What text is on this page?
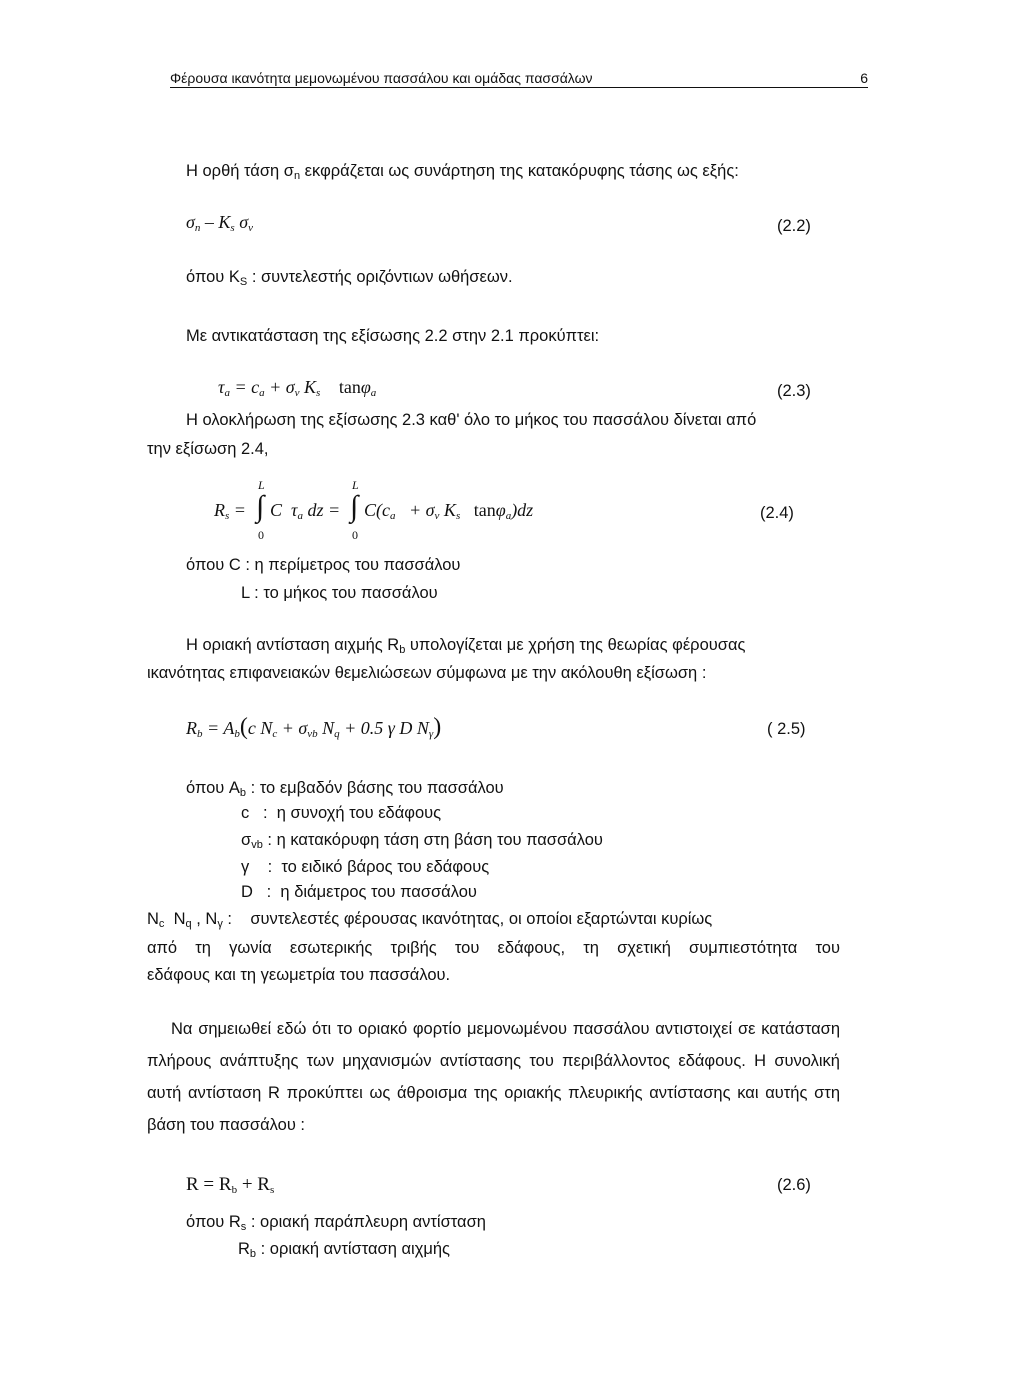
Φέρουσα ικανότητα μεμονωμένου πασσάλου και ομάδας πασσάλων	6
Η ορθή τάση $\sigma_n$ εκφράζεται ως συνάρτηση της κατακόρυφης τάσης ως εξής:
$\sigma_n - K_s$ $\sigma_v$	(2.2)
όπου $K_S$ : συντελεστής οριζόντιων ωθήσεων.
Με αντικατάσταση της εξίσωσης 2.2 στην 2.1 προκύπτει:
$\tau_a = c_a + \sigma_v$ $K_s$ tanφ$_a$	(2.3)
Η ολοκλήρωση της εξίσωσης 2.3 καθ' όλο το μήκος του πασσάλου δίνεται από
την εξίσωση 2.4,
$R_s$ =
L
∫
0
C $\tau_a$ dz =
L
∫
0
$C(c_a + \sigma_v$ $K_s$   tanφ$_a$)dz	(2.4)
όπου C : η περίμετρος του πασσάλου
L : το μήκος του πασσάλου
Η οριακή αντίσταση αιχμής $R_b$ υπολογίζεται με χρήση της θεωρίας φέρουσας
ικανότητας επιφανειακών θεμελιώσεων σύμφωνα με την ακόλουθη εξίσωση :
$R_b = A_b(c$ $N_c + \sigma_{vb}$ $N_q + 0.5$ γ D $N_\gamma$)	( 2.5)
όπου $A_b$ : το εμβαδόν βάσης του πασσάλου
c   :  η συνοχή του εδάφους
$\sigma_{vb}$ : η κατακόρυφη τάση στη βάση του πασσάλου
γ    :  το ειδικό βάρος του εδάφους
D   :  η διάμετρος του πασσάλου
$N_c$  $N_q$ , $N_\gamma$ :    συντελεστές φέρουσας ικανότητας, οι οποίοι εξαρτώνται κυρίως
από τη γωνία εσωτερικής τριβής του εδάφους, τη σχετική συμπιεστότητα του
εδάφους και τη γεωμετρία του πασσάλου.
Να σημειωθεί εδώ ότι το οριακό φορτίο μεμονωμένου πασσάλου αντιστοιχεί σε κατάσταση πλήρους ανάπτυξης των μηχανισμών αντίστασης του περιβάλλοντος εδάφους. Η συνολική αυτή αντίσταση R προκύπτει ως άθροισμα της οριακής πλευρικής αντίστασης και αυτής στη βάση του πασσάλου :
$R = R_b + R_s$	(2.6)
όπου $R_s$ : οριακή παράπλευρη αντίσταση
$R_b$ : οριακή αντίσταση αιχμής
